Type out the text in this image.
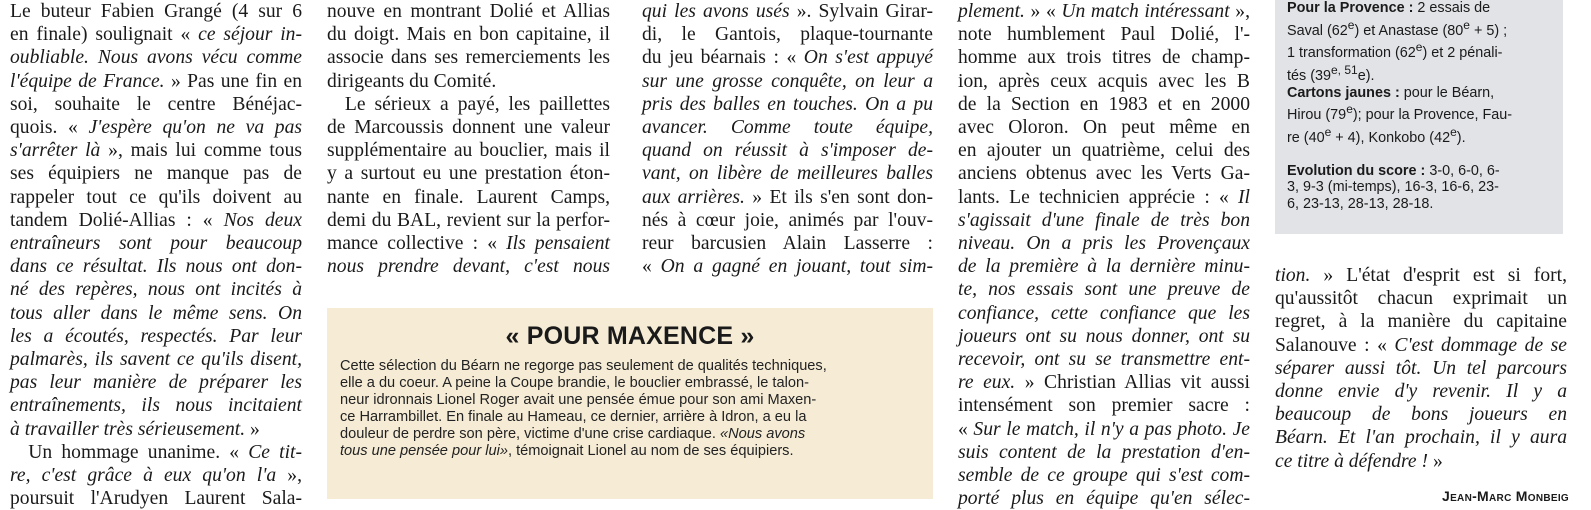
Le buteur Fabien Grangé (4 sur 6
en finale) soulignait « ce séjour in-
oubliable. Nous avons vécu comme
l'équipe de France. » Pas une fin en
soi, souhaite le centre Bénéjac-
quois. « J'espère qu'on ne va pas
s'arrêter là », mais lui comme tous
ses équipiers ne manque pas de
rappeler tout ce qu'ils doivent au
tandem Dolié-Allias : « Nos deux
entraîneurs sont pour beaucoup
dans ce résultat. Ils nous ont don-
né des repères, nous ont incités à
tous aller dans le même sens. On
les a écoutés, respectés. Par leur
palmarès, ils savent ce qu'ils disent,
pas leur manière de préparer les
entraînements, ils nous incitaient
à travailler très sérieusement. »
Un hommage unanime. « Ce tit-
re, c'est grâce à eux qu'on l'a »,
poursuit l'Arudyen Laurent Sala-
nouve en montrant Dolié et Allias
du doigt. Mais en bon capitaine, il
associe dans ses remerciements les
dirigeants du Comité.
Le sérieux a payé, les paillettes
de Marcoussis donnent une valeur
supplémentaire au bouclier, mais il
y a surtout eu une prestation éton-
nante en finale. Laurent Camps,
demi du BAL, revient sur la perfor-
mance collective : « Ils pensaient
nous prendre devant, c'est nous
qui les avons usés ». Sylvain Girar-
di, le Gantois, plaque-tournante
du jeu béarnais : « On s'est appuyé
sur une grosse conquête, on leur a
pris des balles en touches. On a pu
avancer. Comme toute équipe,
quand on réussit à s'imposer de-
vant, on libère de meilleures balles
aux arrières. » Et ils s'en sont don-
nés à cœur joie, animés par l'ouv-
reur barcusien Alain Lasserre :
« On a gagné en jouant, tout sim-
plement. » « Un match intéressant »,
note humblement Paul Dolié, l'-
homme aux trois titres de champ-
ion, après ceux acquis avec les B
de la Section en 1983 et en 2000
avec Oloron. On peut même en
en ajouter un quatrième, celui des
anciens obtenus avec les Verts Ga-
lants. Le technicien apprécie : « Il
s'agissait d'une finale de très bon
niveau. On a pris les Provençaux
de la première à la dernière minu-
te, nos essais sont une preuve de
confiance, cette confiance que les
joueurs ont su nous donner, ont su
recevoir, ont su se transmettre ent-
re eux. » Christian Allias vit aussi
intensément son premier sacre :
« Sur le match, il n'y a pas photo. Je
suis content de la prestation d'en-
semble de ce groupe qui s'est com-
porté plus en équipe qu'en sélec-
tion. » L'état d'esprit est si fort,
qu'aussitôt chacun exprimait un
regret, à la manière du capitaine
Salanouve : « C'est dommage de se
séparer aussi tôt. Un tel parcours
donne envie d'y revenir. Il y a
beaucoup de bons joueurs en
Béarn. Et l'an prochain, il y aura
ce titre à défendre ! »
Jean-Marc Monbeig
« POUR MAXENCE »
Cette sélection du Béarn ne regorge pas seulement de qualités techniques,
elle a du coeur. A peine la Coupe brandie, le bouclier embrassé, le talon-
neur idronnais Lionel Roger avait une pensée émue pour son ami Maxen-
ce Harrambillet. En finale au Hameau, ce dernier, arrière à Idron, a eu la
douleur de perdre son père, victime d'une crise cardiaque. «Nous avons
tous une pensée pour lui», témoignait Lionel au nom de ses équipiers.
Pour la Provence : 2 essais de
Saval (62e) et Anastase $(80^e + 5)$ ;
1 transformation (62e) et 2 pénali-
tés (39$^{e, 51}$e).
Cartons jaunes : pour le Béarn,
Hirou (79e); pour la Provence, Fau-
re $(40^e + 4)$, Konkobo (42e).
Evolution du score : 3-0, 6-0, 6-
3, 9-3 (mi-temps), 16-3, 16-6, 23-
6, 23-13, 28-13, 28-18.
